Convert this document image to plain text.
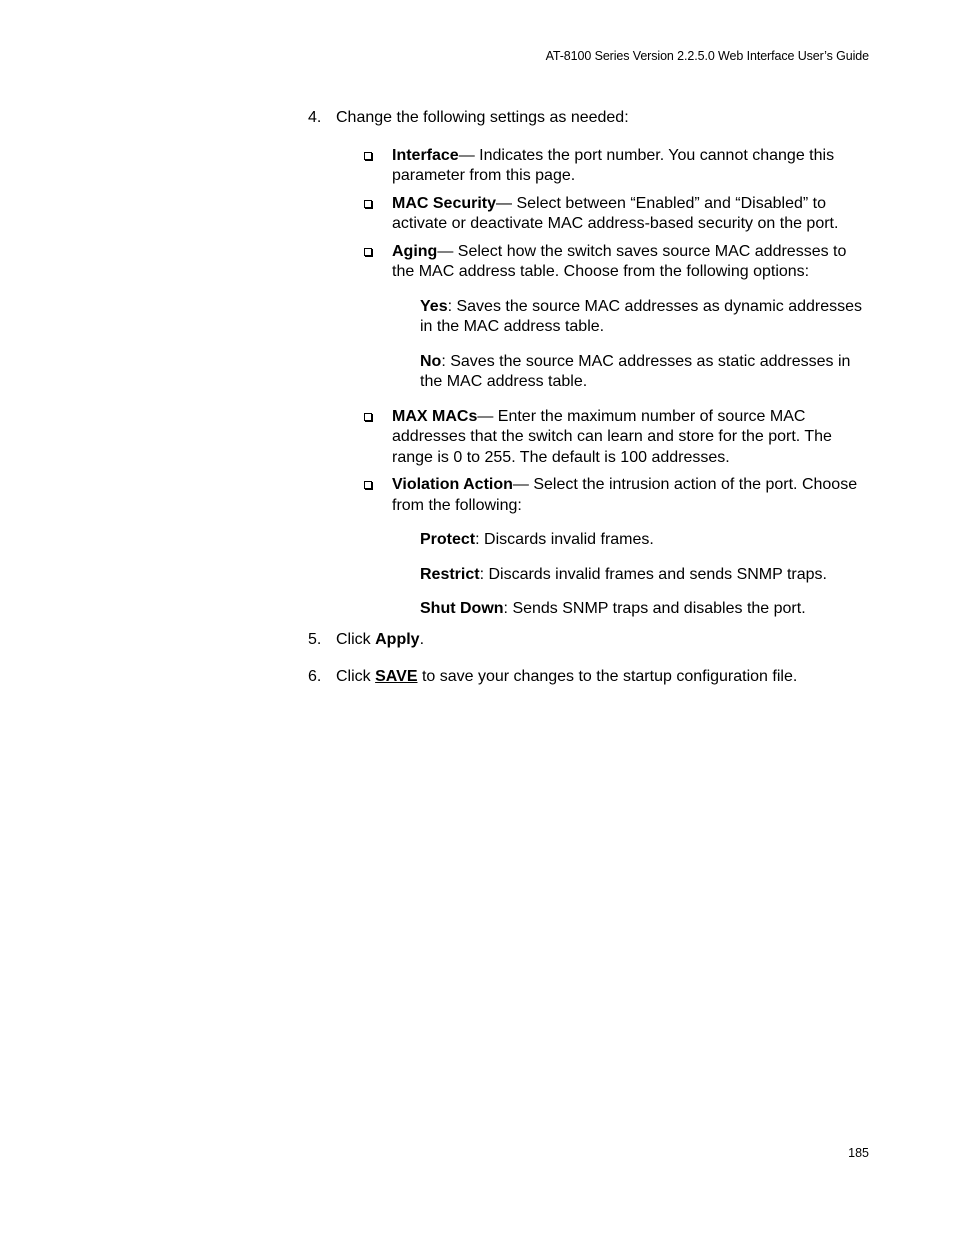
AT-8100 Series Version 2.2.5.0 Web Interface User’s Guide
4. Change the following settings as needed:
Interface— Indicates the port number. You cannot change this parameter from this page.
MAC Security— Select between “Enabled” and “Disabled” to activate or deactivate MAC address-based security on the port.
Aging— Select how the switch saves source MAC addresses to the MAC address table. Choose from the following options:
Yes: Saves the source MAC addresses as dynamic addresses in the MAC address table.
No: Saves the source MAC addresses as static addresses in the MAC address table.
MAX MACs— Enter the maximum number of source MAC addresses that the switch can learn and store for the port. The range is 0 to 255. The default is 100 addresses.
Violation Action— Select the intrusion action of the port. Choose from the following:
Protect: Discards invalid frames.
Restrict: Discards invalid frames and sends SNMP traps.
Shut Down: Sends SNMP traps and disables the port.
5. Click Apply.
6. Click SAVE to save your changes to the startup configuration file.
185
